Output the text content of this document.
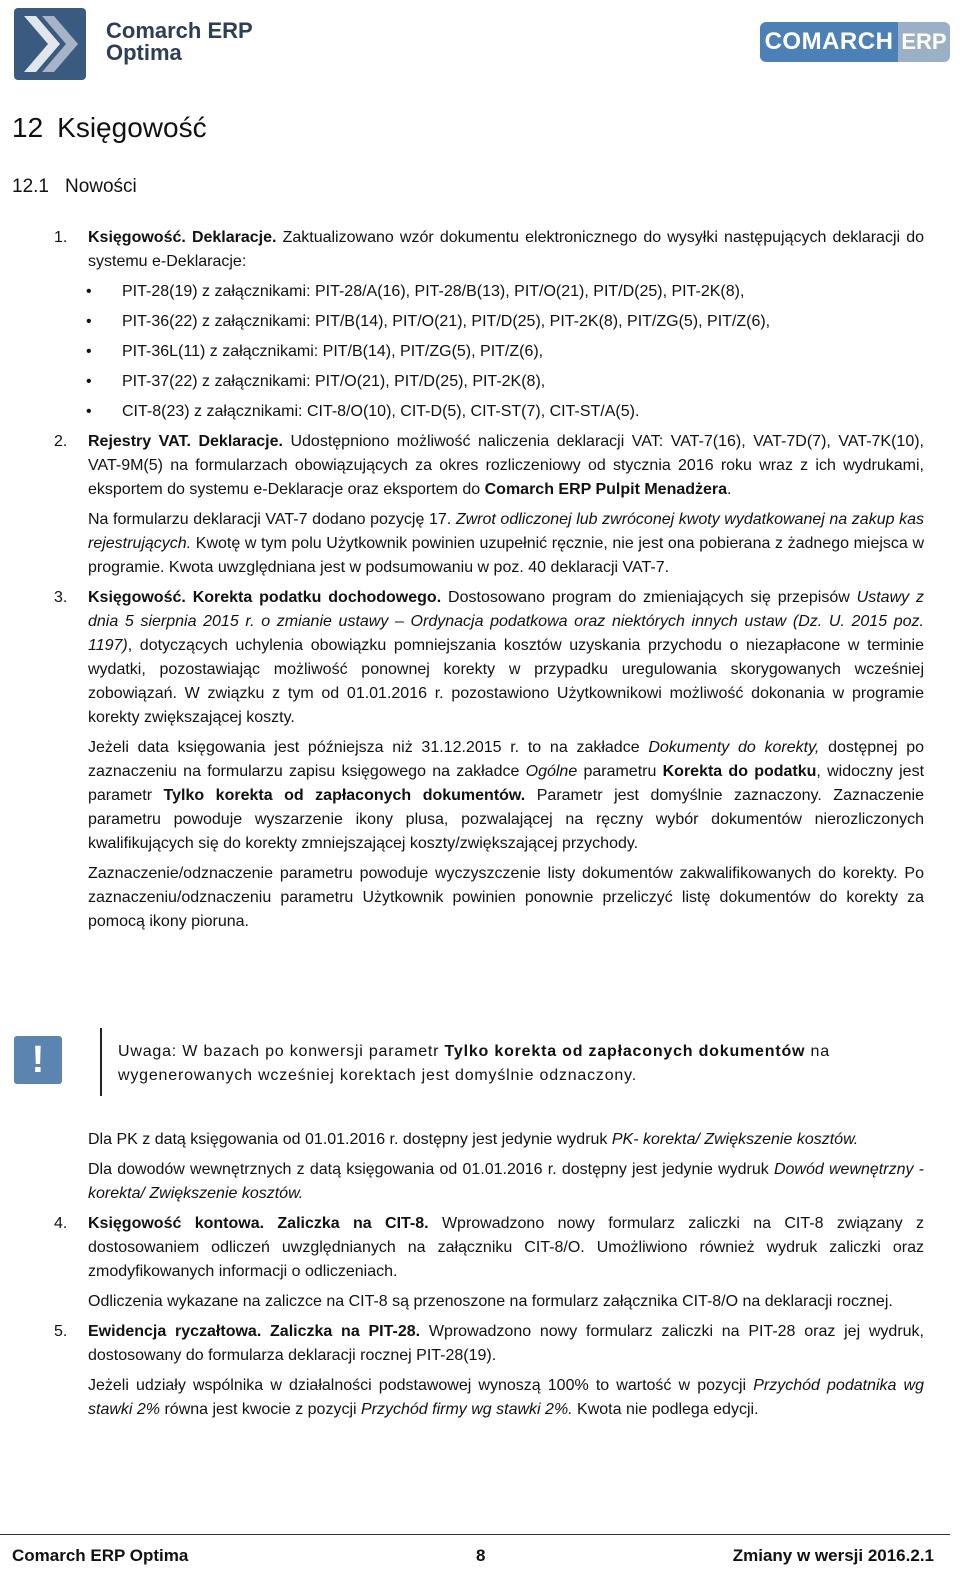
Comarch ERP
Optima	COMARCH ERP
12 Księgowość
12.1 Nowości
1. Księgowość. Deklaracje. Zaktualizowano wzór dokumentu elektronicznego do wysyłki następujących deklaracji do systemu e-Deklaracje:

• PIT-28(19) z załącznikami: PIT-28/A(16), PIT-28/B(13), PIT/O(21), PIT/D(25), PIT-2K(8),
• PIT-36(22) z załącznikami: PIT/B(14), PIT/O(21), PIT/D(25), PIT-2K(8), PIT/ZG(5), PIT/Z(6),
• PIT-36L(11) z załącznikami: PIT/B(14), PIT/ZG(5), PIT/Z(6),
• PIT-37(22) z załącznikami: PIT/O(21), PIT/D(25), PIT-2K(8),
• CIT-8(23) z załącznikami: CIT-8/O(10), CIT-D(5), CIT-ST(7), CIT-ST/A(5).
2. Rejestry VAT. Deklaracje. Udostępniono możliwość naliczenia deklaracji VAT: VAT-7(16), VAT-7D(7), VAT-7K(10), VAT-9M(5) na formularzach obowiązujących za okres rozliczeniowy od stycznia 2016 roku wraz z ich wydrukami, eksportem do systemu e-Deklaracje oraz eksportem do Comarch ERP Pulpit Menadżera.

Na formularzu deklaracji VAT-7 dodano pozycję 17. Zwrot odliczonej lub zwróconej kwoty wydatkowanej na zakup kas rejestrujących. Kwotę w tym polu Użytkownik powinien uzupełnić ręcznie, nie jest ona pobierana z żadnego miejsca w programie. Kwota uwzględniana jest w podsumowaniu w poz. 40 deklaracji VAT-7.

3. Księgowość. Korekta podatku dochodowego. Dostosowano program do zmieniających się przepisów Ustawy z dnia 5 sierpnia 2015 r. o zmianie ustawy – Ordynacja podatkowa oraz niektórych innych ustaw (Dz. U. 2015 poz. 1197), dotyczących uchylenia obowiązku pomniejszania kosztów uzyskania przychodu o niezapłacone w terminie wydatki, pozostawiając możliwość ponownej korekty w przypadku uregulowania skorygowanych wcześniej zobowiązań. W związku z tym od 01.01.2016 r. pozostawiono Użytkownikowi możliwość dokonania w programie korekty zwiększającej koszty.

Jeżeli data księgowania jest późniejsza niż 31.12.2015 r. to na zakładce Dokumenty do korekty, dostępnej po zaznaczeniu na formularzu zapisu księgowego na zakładce Ogólne parametru Korekta do podatku, widoczny jest parametr Tylko korekta od zapłaconych dokumentów. Parametr jest domyślnie zaznaczony. Zaznaczenie parametru powoduje wyszarzenie ikony plusa, pozwalającej na ręczny wybór dokumentów nierozliczonych kwalifikujących się do korekty zmniejszającej koszty/zwiększającej przychody.

Zaznaczenie/odznaczenie parametru powoduje wyczyszczenie listy dokumentów zakwalifikowanych do korekty. Po zaznaczeniu/odznaczeniu parametru Użytkownik powinien ponownie przeliczyć listę dokumentów do korekty za pomocą ikony pioruna.

!	Uwaga: W bazach po konwersji parametr Tylko korekta od zapłaconych dokumentów na wygenerowanych wcześniej korektach jest domyślnie odznaczony.

Dla PK z datą księgowania od 01.01.2016 r. dostępny jest jedynie wydruk PK- korekta/ Zwiększenie kosztów.

Dla dowodów wewnętrznych z datą księgowania od 01.01.2016 r. dostępny jest jedynie wydruk Dowód wewnętrzny - korekta/ Zwiększenie kosztów.

4. Księgowość kontowa. Zaliczka na CIT-8. Wprowadzono nowy formularz zaliczki na CIT-8 związany z dostosowaniem odliczeń uwzględnianych na załączniku CIT-8/O. Umożliwiono również wydruk zaliczki oraz zmodyfikowanych informacji o odliczeniach.

Odliczenia wykazane na zaliczce na CIT-8 są przenoszone na formularz załącznika CIT-8/O na deklaracji rocznej.

5. Ewidencja ryczałtowa. Zaliczka na PIT-28. Wprowadzono nowy formularz zaliczki na PIT-28 oraz jej wydruk, dostosowany do formularza deklaracji rocznej PIT-28(19).

Jeżeli udziały wspólnika w działalności podstawowej wynoszą 100% to wartość w pozycji Przychód podatnika wg stawki 2% równa jest kwocie z pozycji Przychód firmy wg stawki 2%. Kwota nie podlega edycji.

Comarch ERP Optima	8	Zmiany w wersji 2016.2.1
